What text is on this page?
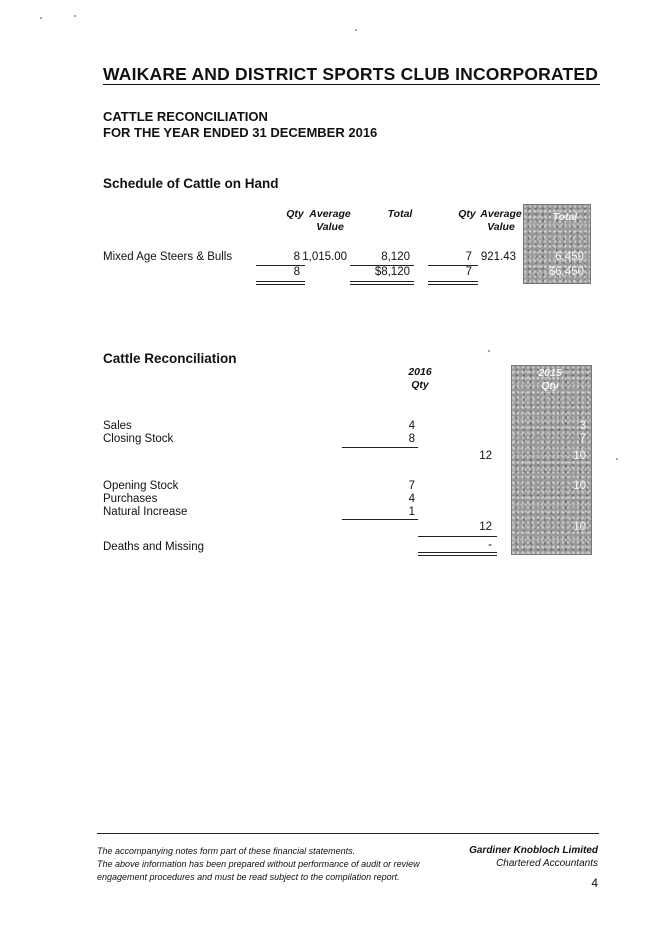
WAIKARE AND DISTRICT SPORTS CLUB INCORPORATED
CATTLE RECONCILIATION
FOR THE YEAR ENDED 31 DECEMBER 2016
Schedule of Cattle on Hand
Qty Average
Value
Total	Qty Average
Value
Total
Mixed Age Steers & Bulls	8 1,015.00	8,120	7 921.43	6,450
8	$8,120	7	$6,450
Cattle Reconciliation
2016
Qty
2015
Qty
Sales	4	3
Closing Stock	8	7
12	10
Opening Stock	7	10
Purchases	4
Natural Increase	1
12	10
Deaths and Missing	-
The accompanying notes form part of these financial statements.
The above information has been prepared without performance of audit or review
engagement procedures and must be read subject to the compilation report.
Gardiner Knobloch Limited
Chartered Accountants
4
